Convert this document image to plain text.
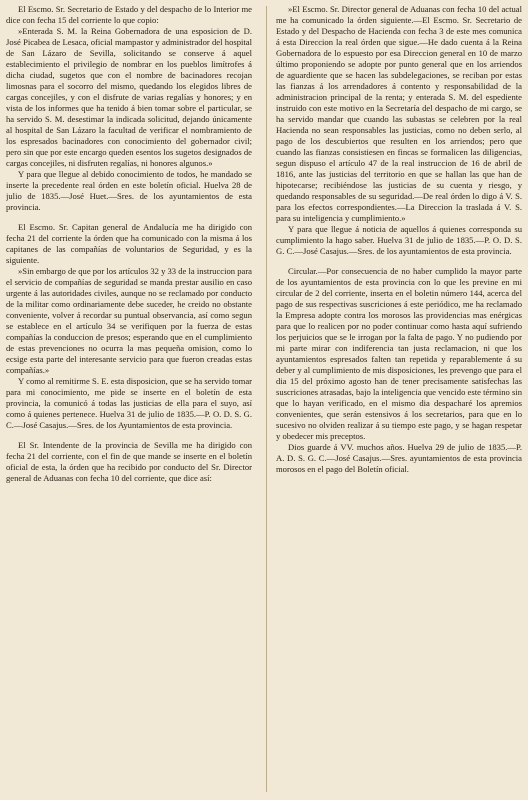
El Escmo. Sr. Secretario de Estado y del despacho de lo Interior me dice con fecha 15 del corriente lo que copio:

»Enterada S. M. la Reina Gobernadora de una esposicion de D. José Picabea de Lesaca, oficial mampastor y administrador del hospital de San Lázaro de Sevilla, solicitando se conserve á aquel establecimiento el privilegio de nombrar en los pueblos limítrofes á dicha ciudad, sugetos que con el nombre de bacinadores recojan limosnas para el socorro del mismo, quedando los elegidos libres de cargas concejiles, y con el disfrute de varias regalías y honores; y en vista de los informes que ha tenido á bien tomar sobre el particular, se ha servido S. M. desestimar la indicada solicitud, dejando únicamente al hospital de San Lázaro la facultad de verificar el nombramiento de los espresados bacinadores con conocimiento del gobernador civil; pero sin que por este encargo queden esentos los sugetos designados de cargas concejiles, ni disfruten regalías, ni honores algunos.»

Y para que llegue al debido conocimiento de todos, he mandado se inserte la precedente real órden en este boletín oficial. Huelva 28 de julio de 1835.—José Huet.—Sres. de los ayuntamientos de esta provincia.

El Escmo. Sr. Capitan general de Andalucía me ha dirigido con fecha 21 del corriente la órden que ha comunicado con la misma á los capitanes de las compañías de voluntarios de Seguridad, y es la siguiente.

»Sin embargo de que por los artículos 32 y 33 de la instruccion para el servicio de compañías de seguridad se manda prestar ausilio en caso urgente á las autoridades civiles, aunque no se reclamado por conducto de la militar como ordinariamente debe suceder, he creido no obstante conveniente, volver á recordar su puntual observancia, así como segun se establece en el artículo 34 se verifiquen por la fuerza de estas compañías la conduccion de presos; esperando que en el cumplimiento de estas prevenciones no ocurra la mas pequeña omision, como lo ecsige esta parte del interesante servicio para que fueron creadas estas compañías.»

Y como al remitirme S. E. esta disposicion, que se ha servido tomar para mi conocimiento, me pide se inserte en el boletín de esta provincia, la comunicó á todas las justicias de ella para el suyo, así como á quienes pertenece. Huelva 31 de julio de 1835.—P. O. D. S. G. C.—José Casajus.—Sres. de los Ayuntamientos de esta provincia.

El Sr. Intendente de la provincia de Sevilla me ha dirigido con fecha 21 del corriente, con el fin de que mande se inserte en el boletín oficial de esta, la órden que ha recibido por conducto del Sr. Director general de Aduanas con fecha 10 del corriente, que dice así:

»El Escmo. Sr. Director general de Aduanas con fecha 10 del actual me ha comunicado la órden siguiente.—El Escmo. Sr. Secretario de Estado y del Despacho de Hacienda con fecha 3 de este mes comunica á esta Direccion la real órden que sigue.—He dado cuenta á la Reina Gobernadora de lo espuesto por esa Direccion general en 10 de marzo último proponiendo se adopte por punto general que en los arriendos de aguardiente que se hacen las subdelegaciones, se reciban por estas las fianzas á los arrendadores á contento y responsabilidad de la administracion principal de la renta; y enterada S. M. del espediente instruido con este motivo en la Secretaría del despacho de mi cargo, se ha servido mandar que cuando las subastas se celebren por la real Hacienda no sean responsables las justicias, como no deben serlo, al pago de los descubiertos que resulten en los arriendos; pero que cuando las fianzas consistiesen en fincas se formalicen las diligencias, segun dispuso el artículo 47 de la real instruccion de 16 de abril de 1816, ante las justicias del territorio en que se hallan las que han de hipotecarse; recibiéndose las justicias de su cuenta y riesgo, y quedando responsables de su seguridad.—De real órden lo digo á V. S. para los efectos correspondientes.—La Direccion la traslada á V. S. para su inteligencia y cumplimiento.»

Y para que llegue á noticia de aquellos á quienes corresponda su cumplimiento la hago saber. Huelva 31 de julio de 1835.—P. O. D. S. G. C.—José Casajus.—Sres. de los ayuntamientos de esta provincia.

Circular.—Por consecuencia de no haber cumplido la mayor parte de los ayuntamientos de esta provincia con lo que les previne en mi circular de 2 del corriente, inserta en el boletin número 144, acerca del pago de sus respectivas suscriciones á este periódico, me ha reclamado la Empresa adopte contra los morosos las providencias mas enérgicas para que lo realicen por no poder continuar como hasta aquí sufriendo los perjuicios que se le irrogan por la falta de pago. Y no pudiendo por mi parte mirar con indiferencia tan justa reclamacion, ni que los ayuntamientos espresados falten tan repetida y reparablemente á su deber y al cumplimiento de mis disposiciones, les prevengo que para el dia 15 del próximo agosto han de tener precisamente satisfechas las suscriciones atrasadas, bajo la inteligencia que vencido este término sin que lo hayan verificado, en el mismo dia despacharé los apremios convenientes, que serán estensivos á los secretarios, para que en lo sucesivo no olviden realizar á su tiempo este pago, y se hagan respetar y obedecer mis preceptos.

Dios guarde á VV. muchos años. Huelva 29 de julio de 1835.—P. A. D. S. G. C.—José Casajus.—Sres. ayuntamientos de esta provincia morosos en el pago del Boletín oficial.
